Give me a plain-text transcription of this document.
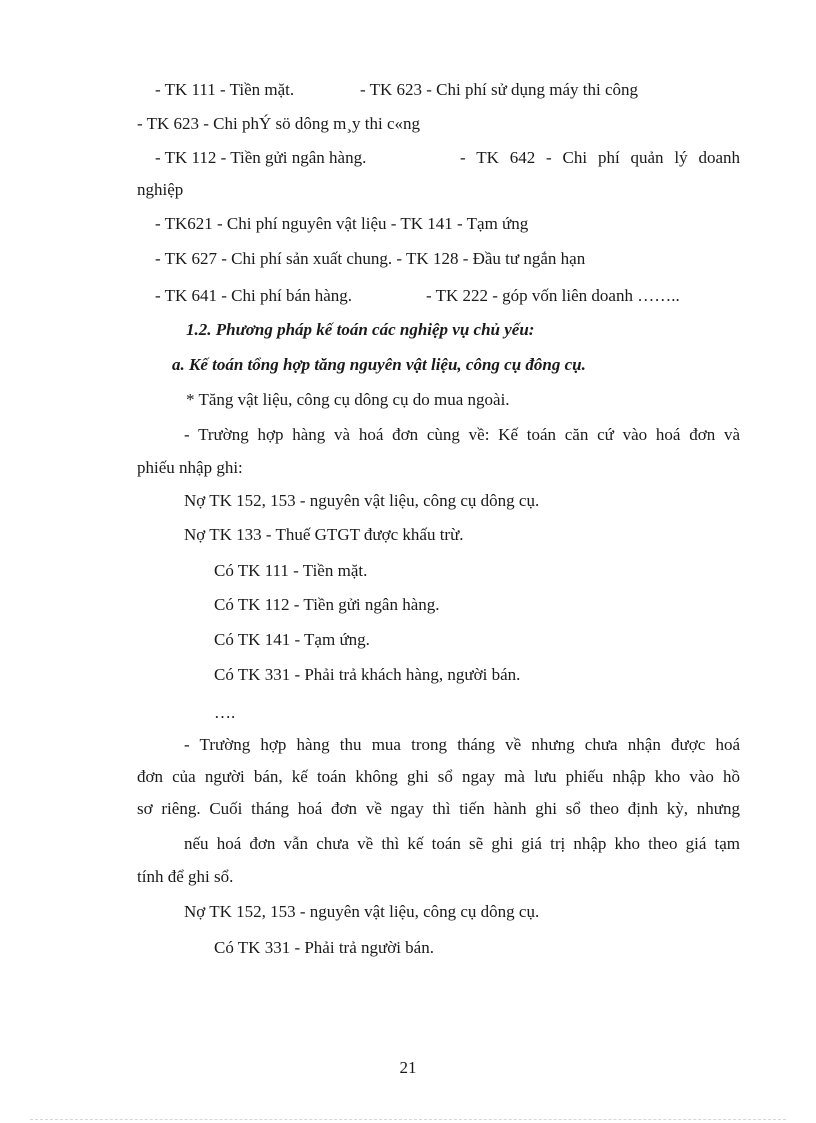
- TK 111 - Tiền mặt.	- TK 623 - Chi phí sử dụng máy thi công
- TK 623 - Chi phÝ sö dông m¸y thi c«ng
- TK 112 - Tiền gửi ngân hàng.	- TK 642 - Chi phí quản lý doanh
nghiệp
- TK621 - Chi phí nguyên vật liệu - TK 141 - Tạm ứng
- TK 627 - Chi phí sản xuất chung. - TK 128 - Đầu tư ngắn hạn
- TK 641 - Chi phí bán hàng.	- TK 222 - góp vốn liên doanh ……..
1.2. Phương pháp kế toán các nghiệp vụ chủ yếu:
a. Kế toán tổng hợp tăng nguyên vật liệu, công cụ đông cụ.
* Tăng vật liệu, công cụ dông cụ do mua ngoài.
- Trường hợp hàng và hoá đơn cùng về: Kế toán căn cứ vào hoá đơn và
phiếu nhập ghi:
Nợ TK 152, 153 - nguyên vật liệu, công cụ dông cụ.
Nợ TK 133 - Thuế GTGT được khấu trừ.
Có TK 111 - Tiền mặt.
Có TK 112 - Tiền gửi ngân hàng.
Có TK 141 - Tạm ứng.
Có TK 331 - Phải trả khách hàng, người bán.
….
- Trường hợp hàng thu mua trong tháng về nhưng chưa nhận được hoá
đơn của người bán, kế toán không ghi sổ ngay mà lưu phiếu nhập kho vào hồ
sơ riêng. Cuối tháng hoá đơn về ngay thì tiến hành ghi sổ theo định kỳ, nhưng
nếu hoá đơn vẫn chưa về thì kế toán sẽ ghi giá trị nhập kho theo giá tạm
tính để ghi sổ.
Nợ TK 152, 153 - nguyên vật liệu, công cụ dông cụ.
Có TK 331 - Phải trả người bán.
21
